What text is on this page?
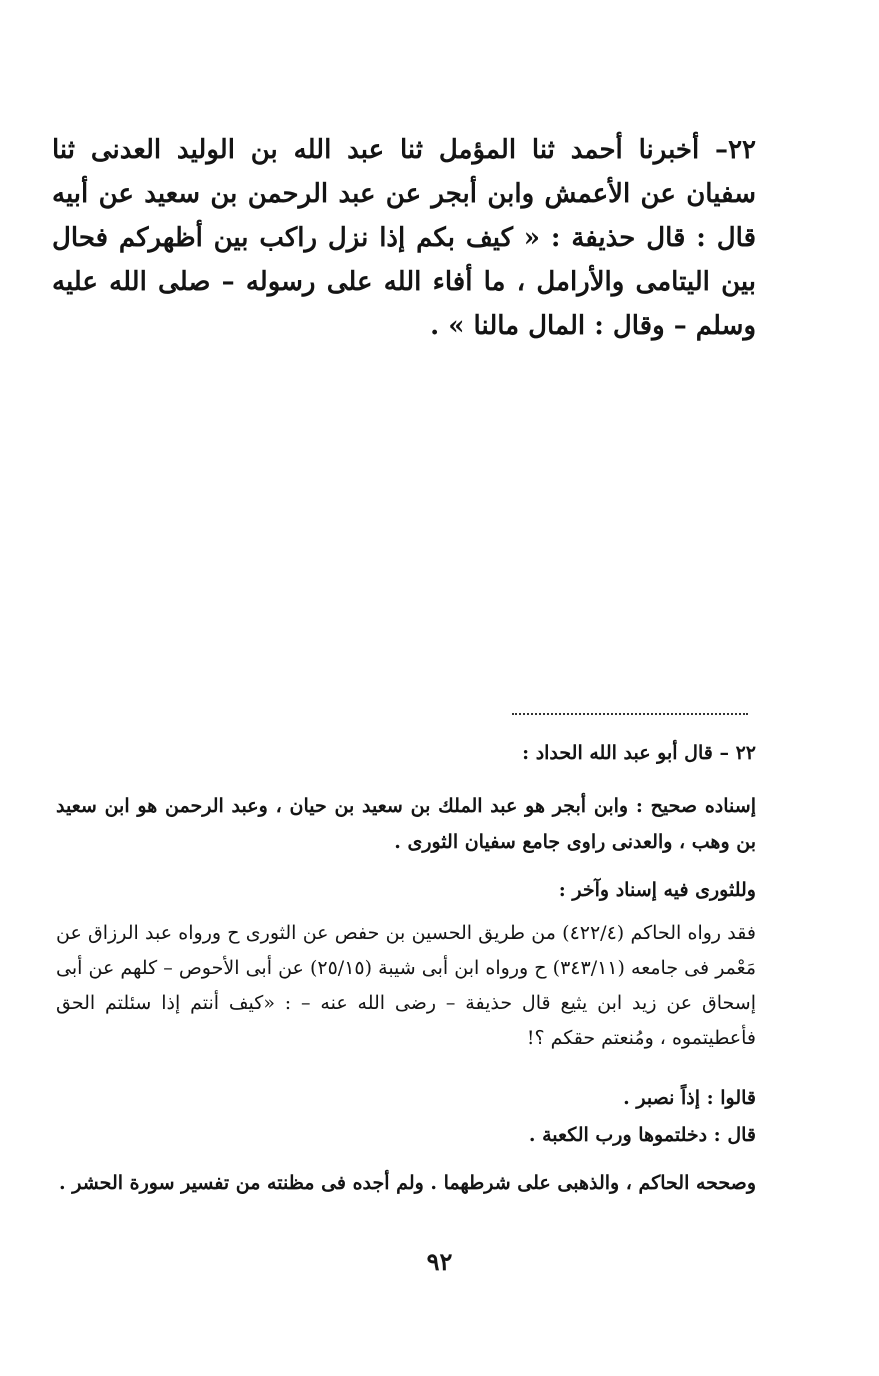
٢٢– أخبرنا أحمد ثنا المؤمل ثنا عبد الله بن الوليد العدنى ثنا سفيان عن الأعمش وابن أبجر عن عبد الرحمن بن سعيد عن أبيه قال : قال حذيفة : « كيف بكم إذا نزل راكب بين أظهركم فحال بين اليتامى والأرامل ، ما أفاء الله على رسوله – صلى الله عليه وسلم – وقال : المال مالنا » .

٢٢ – قال أبو عبد الله الحداد :

إسناده صحيح : وابن أبجر هو عبد الملك بن سعيد بن حيان ، وعبد الرحمن هو ابن سعيد بن وهب ، والعدنى راوى جامع سفيان الثورى .

وللثورى فيه إسناد وآخر :

فقد رواه الحاكم (٤٢٢/٤) من طريق الحسين بن حفص عن الثورى ح ورواه عبد الرزاق عن مَعْمر فى جامعه (٣٤٣/١١) ح ورواه ابن أبى شيبة (٢٥/١٥) عن أبى الأحوص – كلهم عن أبى إسحاق عن زيد ابن يثيع قال حذيفة – رضى الله عنه – : «كيف أنتم إذا سئلتم الحق فأعطيتموه ، ومُنعتم حقكم ؟!

قالوا : إذاً نصبر .

قال : دخلتموها ورب الكعبة .

وصححه الحاكم ، والذهبى على شرطهما . ولم أجده فى مظنته من تفسير سورة الحشر .

٩٢
